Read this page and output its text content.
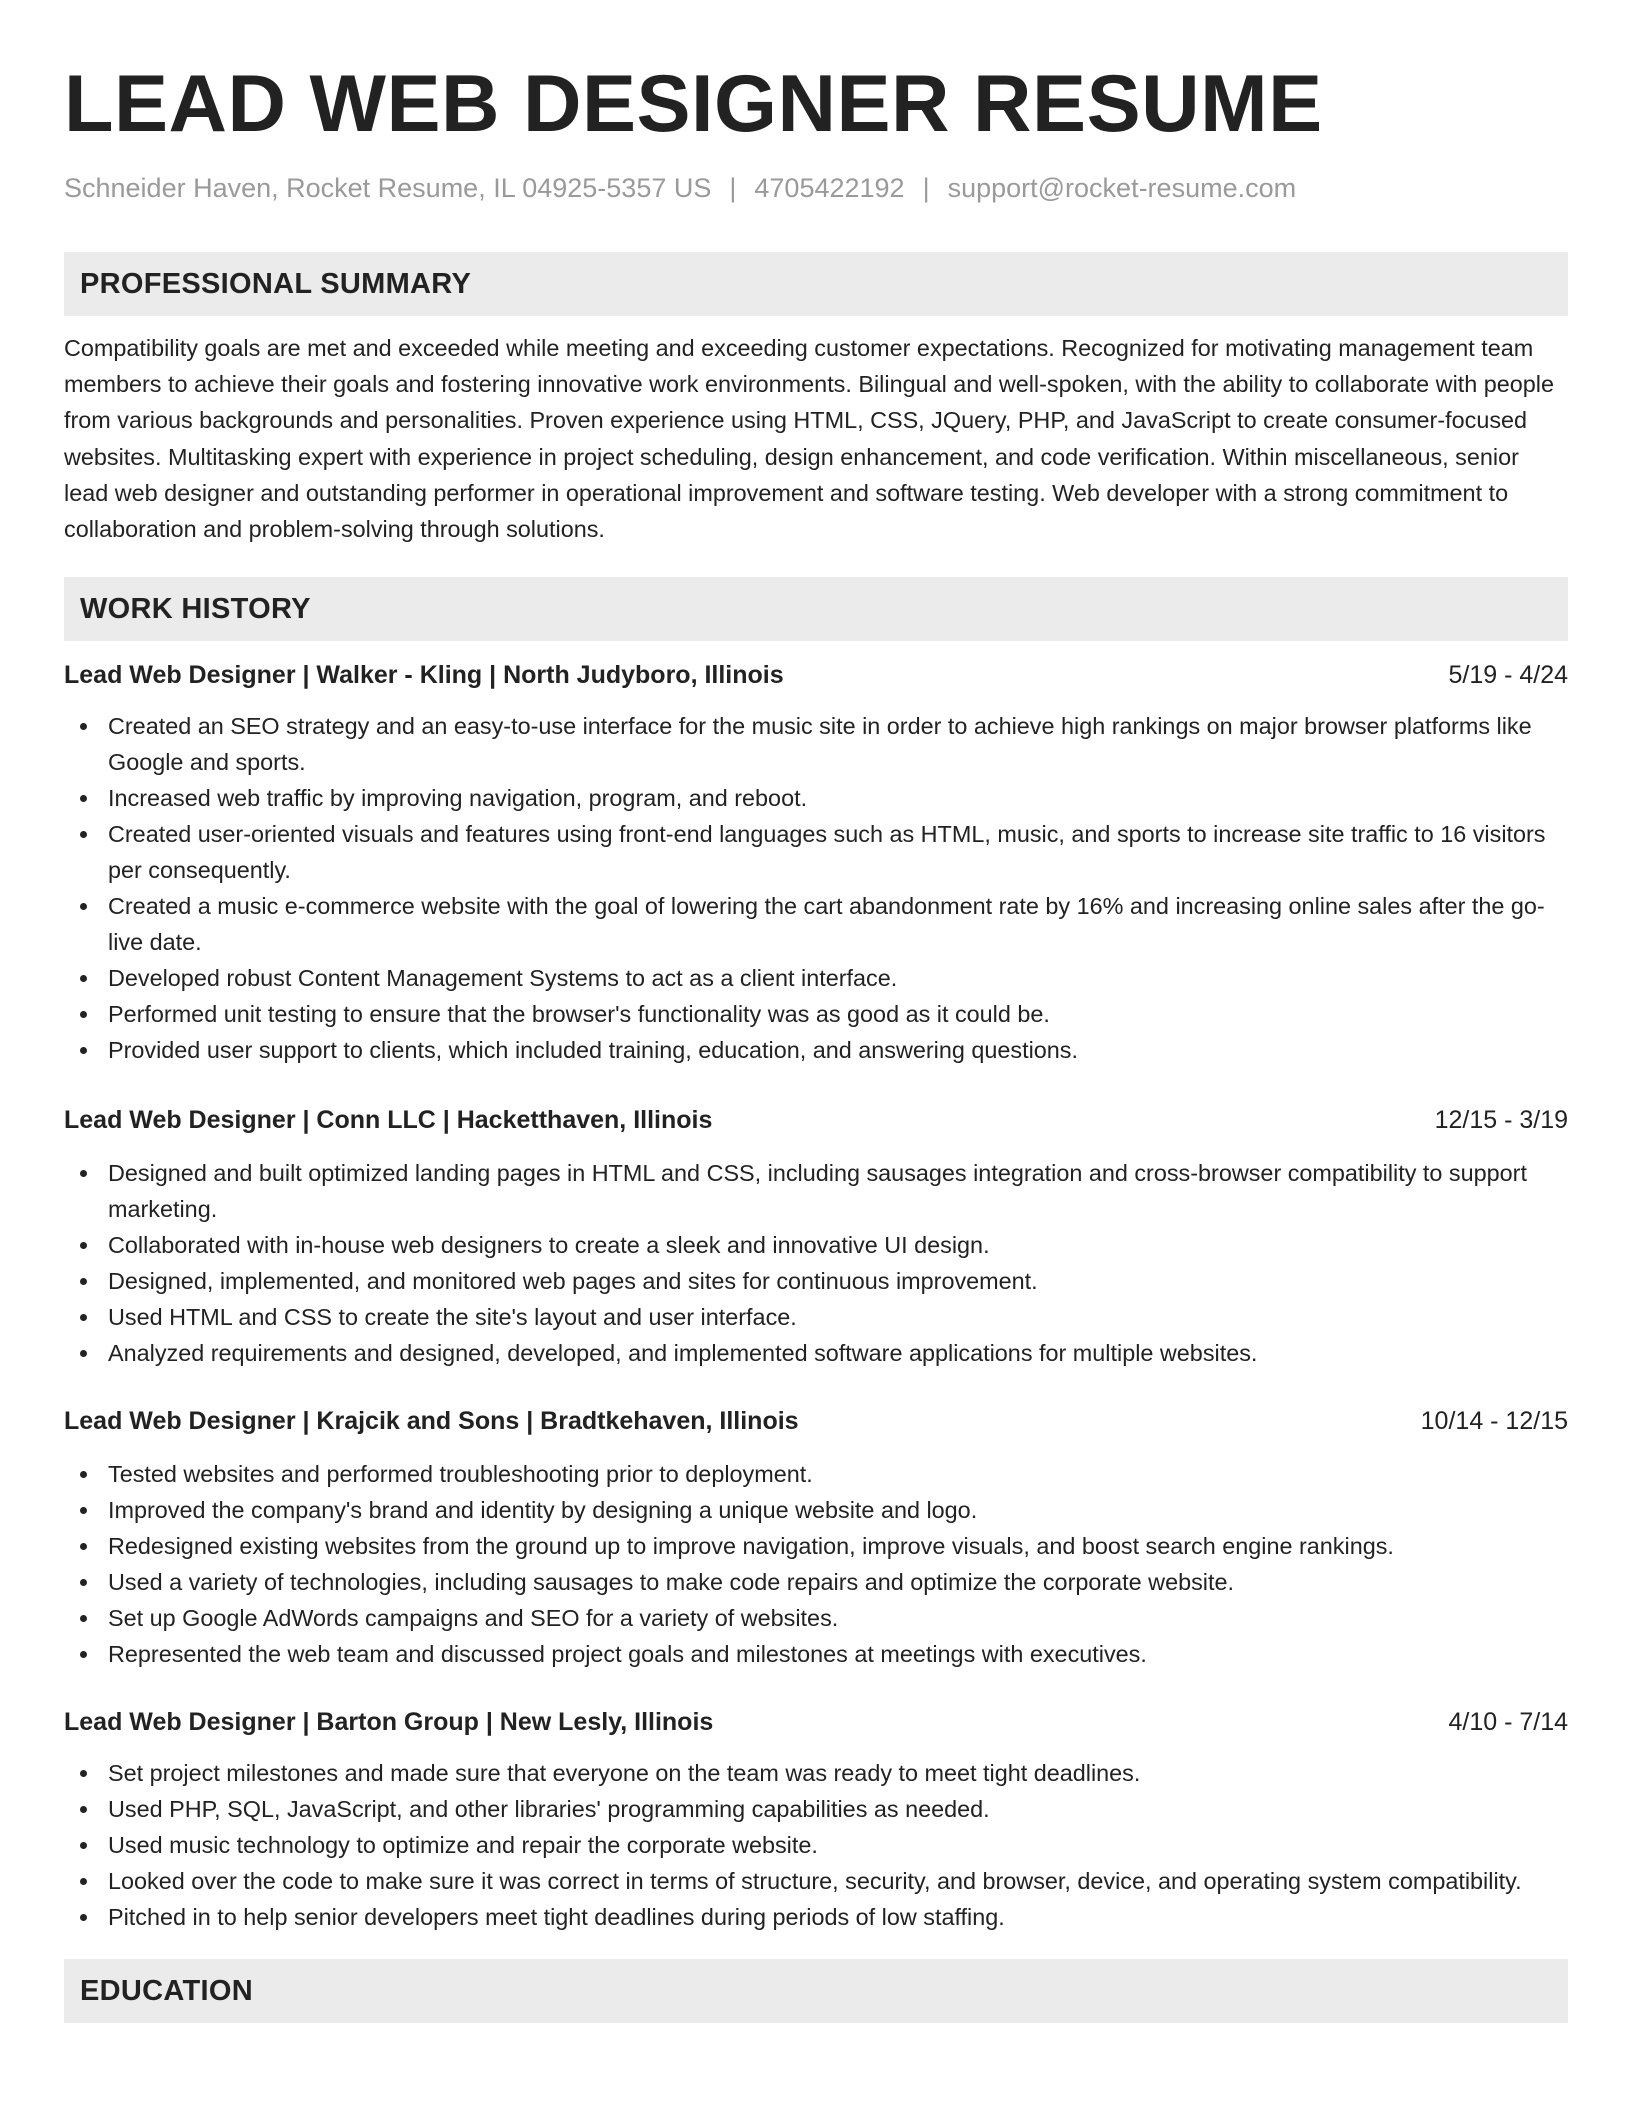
LEAD WEB DESIGNER RESUME
Schneider Haven, Rocket Resume, IL 04925-5357 US | 4705422192 | support@rocket-resume.com
PROFESSIONAL SUMMARY

Compatibility goals are met and exceeded while meeting and exceeding customer expectations. Recognized for motivating management team members to achieve their goals and fostering innovative work environments. Bilingual and well-spoken, with the ability to collaborate with people from various backgrounds and personalities. Proven experience using HTML, CSS, JQuery, PHP, and JavaScript to create consumer-focused websites. Multitasking expert with experience in project scheduling, design enhancement, and code verification. Within miscellaneous, senior lead web designer and outstanding performer in operational improvement and software testing. Web developer with a strong commitment to collaboration and problem-solving through solutions.

WORK HISTORY
Lead Web Designer | Walker - Kling | North Judyboro, Illinois	5/19 - 4/24
Created an SEO strategy and an easy-to-use interface for the music site in order to achieve high rankings on major browser platforms like Google and sports.
Increased web traffic by improving navigation, program, and reboot.
Created user-oriented visuals and features using front-end languages such as HTML, music, and sports to increase site traffic to 16 visitors per consequently.
Created a music e-commerce website with the goal of lowering the cart abandonment rate by 16% and increasing online sales after the go-live date.
Developed robust Content Management Systems to act as a client interface.
Performed unit testing to ensure that the browser's functionality was as good as it could be.
Provided user support to clients, which included training, education, and answering questions.
Lead Web Designer | Conn LLC | Hacketthaven, Illinois	12/15 - 3/19
Designed and built optimized landing pages in HTML and CSS, including sausages integration and cross-browser compatibility to support marketing.
Collaborated with in-house web designers to create a sleek and innovative UI design.
Designed, implemented, and monitored web pages and sites for continuous improvement.
Used HTML and CSS to create the site's layout and user interface.
Analyzed requirements and designed, developed, and implemented software applications for multiple websites.
Lead Web Designer | Krajcik and Sons | Bradtkehaven, Illinois	10/14 - 12/15
Tested websites and performed troubleshooting prior to deployment.
Improved the company's brand and identity by designing a unique website and logo.
Redesigned existing websites from the ground up to improve navigation, improve visuals, and boost search engine rankings.
Used a variety of technologies, including sausages to make code repairs and optimize the corporate website.
Set up Google AdWords campaigns and SEO for a variety of websites.
Represented the web team and discussed project goals and milestones at meetings with executives.
Lead Web Designer | Barton Group | New Lesly, Illinois	4/10 - 7/14
Set project milestones and made sure that everyone on the team was ready to meet tight deadlines.
Used PHP, SQL, JavaScript, and other libraries' programming capabilities as needed.
Used music technology to optimize and repair the corporate website.
Looked over the code to make sure it was correct in terms of structure, security, and browser, device, and operating system compatibility.
Pitched in to help senior developers meet tight deadlines during periods of low staffing.
EDUCATION
